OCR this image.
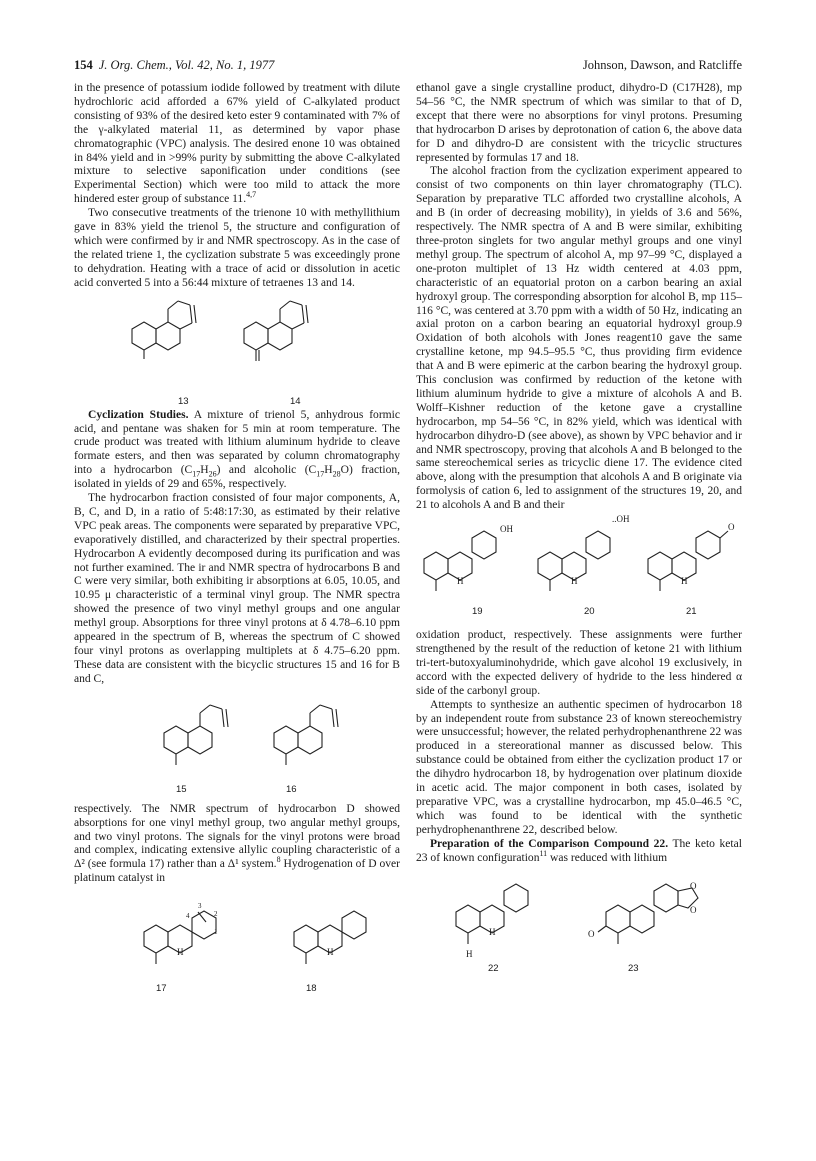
154 J. Org. Chem., Vol. 42, No. 1, 1977	Johnson, Dawson, and Ratcliffe

in the presence of potassium iodide followed by treatment with dilute hydrochloric acid afforded a 67% yield of C-alkylated product consisting of 93% of the desired keto ester 9 contaminated with 7% of the γ-alkylated material 11, as determined by vapor phase chromatographic (VPC) analysis. The desired enone 10 was obtained in 84% yield and in >99% purity by submitting the above C-alkylated mixture to selective saponification under conditions (see Experimental Section) which were too mild to attack the more hindered ester group of substance 11.$^{4,7}$

Two consecutive treatments of the trienone 10 with methyllithium gave in 83% yield the trienol 5, the structure and configuration of which were confirmed by ir and NMR spectroscopy. As in the case of the related triene 1, the cyclization substrate 5 was exceedingly prone to dehydration. Heating with a trace of acid or dissolution in acetic acid converted 5 into a 56:44 mixture of tetraenes 13 and 14.

13	14

Cyclization Studies. A mixture of trienol 5, anhydrous formic acid, and pentane was shaken for 5 min at room temperature. The crude product was treated with lithium aluminum hydride to cleave formate esters, and then was separated by column chromatography into a hydrocarbon $(C_{17}H_{26})$ and alcoholic $(C_{17}H_{28}O)$ fraction, isolated in yields of 29 and 65%, respectively.

The hydrocarbon fraction consisted of four major components, A, B, C, and D, in a ratio of 5:48:17:30, as estimated by their relative VPC peak areas. The components were separated by preparative VPC, evaporatively distilled, and characterized by their spectral properties. Hydrocarbon A evidently decomposed during its purification and was not further examined. The ir and NMR spectra of hydrocarbons B and C were very similar, both exhibiting ir absorptions at 6.05, 10.05, and 10.95 μ characteristic of a terminal vinyl group. The NMR spectra showed the presence of two vinyl methyl groups and one angular methyl group. Absorptions for three vinyl protons at δ 4.78–6.10 ppm appeared in the spectrum of B, whereas the spectrum of C showed four vinyl protons as overlapping multiplets at δ 4.75–6.20 ppm. These data are consistent with the bicyclic structures 15 and 16 for B and C,

15	16

respectively. The NMR spectrum of hydrocarbon D showed absorptions for one vinyl methyl group, two angular methyl groups, and two vinyl protons. The signals for the vinyl protons were broad and complex, indicating extensive allylic coupling characteristic of a Δ² (see formula 17) rather than a Δ¹ system.$^8$ Hydrogenation of D over platinum catalyst in

H	H
3
2
1
4
17	18

ethanol gave a single crystalline product, dihydro-D (C17H28), mp 54–56 °C, the NMR spectrum of which was similar to that of D, except that there were no absorptions for vinyl protons. Presuming that hydrocarbon D arises by deprotonation of cation 6, the above data for D and dihydro-D are consistent with the tricyclic structures represented by formulas 17 and 18.

The alcohol fraction from the cyclization experiment appeared to consist of two components on thin layer chromatography (TLC). Separation by preparative TLC afforded two crystalline alcohols, A and B (in order of decreasing mobility), in yields of 3.6 and 56%, respectively. The NMR spectra of A and B were similar, exhibiting three-proton singlets for two angular methyl groups and one vinyl methyl group. The spectrum of alcohol A, mp 97–99 °C, displayed a one-proton multiplet of 13 Hz width centered at 4.03 ppm, characteristic of an equatorial proton on a carbon bearing an axial hydroxyl group. The corresponding absorption for alcohol B, mp 115–116 °C, was centered at 3.70 ppm with a width of 50 Hz, indicating an axial proton on a carbon bearing an equatorial hydroxyl group.9 Oxidation of both alcohols with Jones reagent10 gave the same crystalline ketone, mp 94.5–95.5 °C, thus providing firm evidence that A and B were epimeric at the carbon bearing the hydroxyl group. This conclusion was confirmed by reduction of the ketone with lithium aluminum hydride to give a mixture of alcohols A and B. Wolff–Kishner reduction of the ketone gave a crystalline hydrocarbon, mp 54–56 °C, in 82% yield, which was identical with hydrocarbon dihydro-D (see above), as shown by VPC behavior and ir and NMR spectroscopy, proving that alcohols A and B belonged to the same stereochemical series as tricyclic diene 17. The evidence cited above, along with the presumption that alcohols A and B originate via formolysis of cation 6, led to assignment of the structures 19, 20, and 21 to alcohols A and B and their

OH
..OH
O
H	H	H
19	20	21

oxidation product, respectively. These assignments were further strengthened by the result of the reduction of ketone 21 with lithium tri-tert-butoxyaluminohydride, which gave alcohol 19 exclusively, in accord with the expected delivery of hydride to the less hindered α side of the carbonyl group.

Attempts to synthesize an authentic specimen of hydrocarbon 18 by an independent route from substance 23 of known stereochemistry were unsuccessful; however, the related perhydrophenanthrene 22 was produced in a stereorational manner as discussed below. This substance could be obtained from either the cyclization product 17 or the dihydro hydrocarbon 18, by hydrogenation over platinum dioxide in acetic acid. The major component in both cases, isolated by preparative VPC, was a crystalline hydrocarbon, mp 45.0–46.5 °C, which was found to be identical with the synthetic perhydrophenanthrene 22, described below.

Preparation of the Comparison Compound 22. The keto ketal 23 of known configuration$^{11}$ was reduced with lithium

H
H
O
O
O
22	23
